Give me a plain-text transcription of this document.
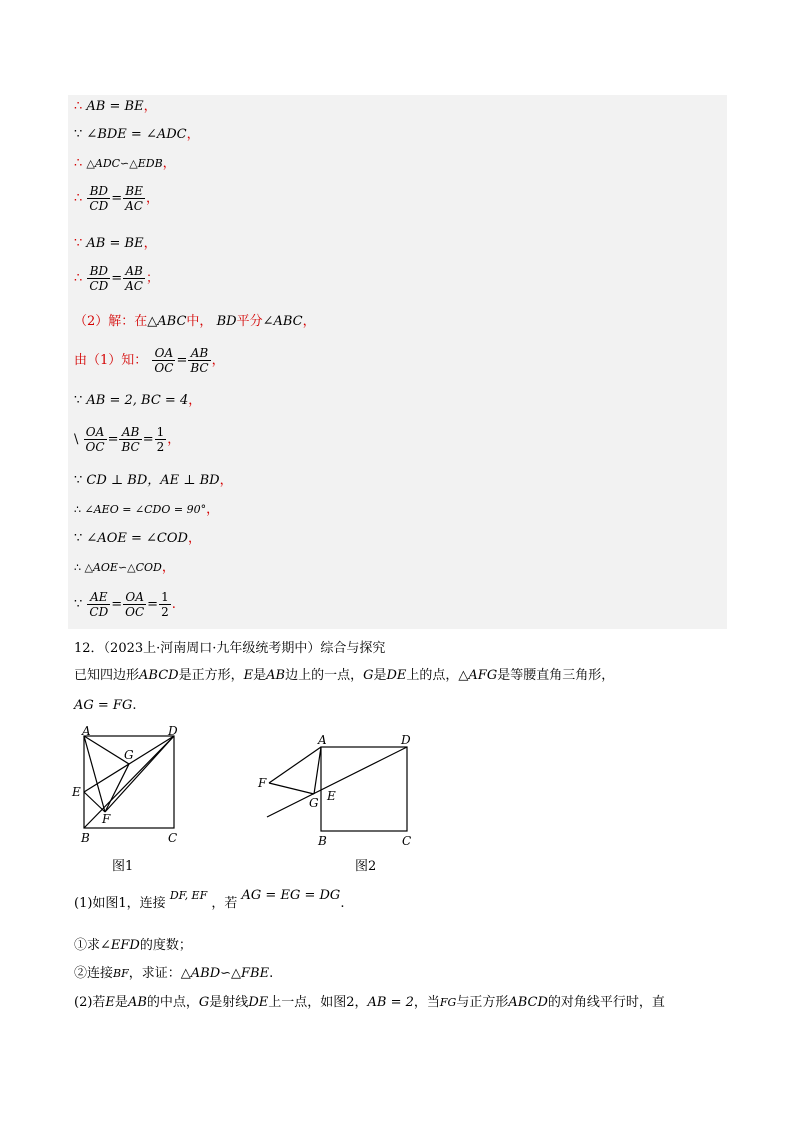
∴ AB = BE，
∵ ∠BDE = ∠ADC，
∴ △ADC∽△EDB，
∴ $\frac{BD}{CD} = \frac{BE}{AC}$ ，
∵ AB = BE，
∴ $\frac{BD}{CD} = \frac{AB}{AC}$ ；
（2）解：在△ABC中， BD平分∠ABC，
由（1）知： $\frac{OA}{OC} = \frac{AB}{BC}$ ，
∵ AB = 2, BC = 4，
\ $\frac{OA}{OC} = \frac{AB}{BC} = \frac{1}{2}$ ，
∵ CD ⊥ BD，AE ⊥ BD，
∴ ∠AEO = ∠CDO = 90°，
∵ ∠AOE = ∠COD，
∴ △AOE∽△COD，
∵ $\frac{AE}{CD} = \frac{OA}{OC} = \frac{1}{2}$ .
12．（2023上·河南周口·九年级统考期中）综合与探究
已知四边形ABCD是正方形，E是AB边上的一点，G是DE上的点，△AFG是等腰直角三角形，
AG = FG.
A	D
G
E
F
B	C
图1
A	D
F
E
G
B	C
图2
(1)如图1，连接 $^{DF, EF}$ ，若 AG = EG = DG.
①求∠EFD的度数；
②连接BF，求证：△ABD∽△FBE.
(2)若E是AB的中点，G是射线DE上一点，如图2，AB = 2，当FG与正方形ABCD的对角线平行时，直
